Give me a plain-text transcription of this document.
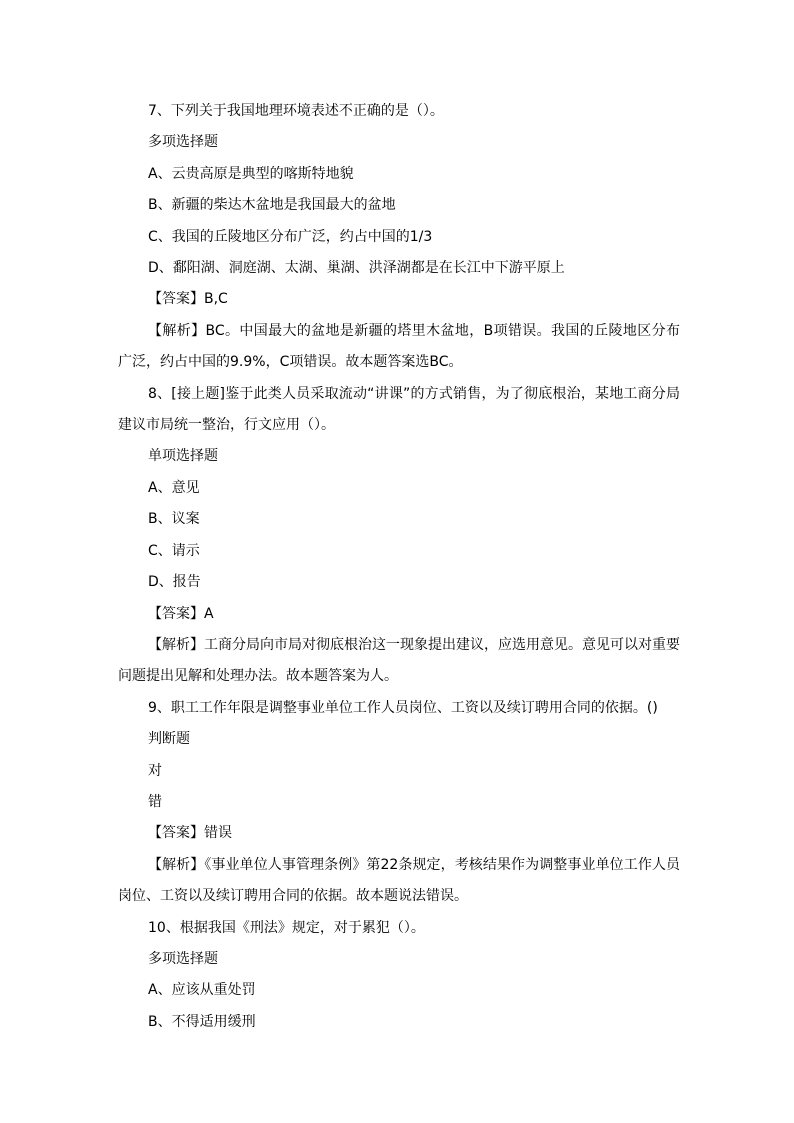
7、下列关于我国地理环境表述不正确的是（）。

多项选择题

A、云贵高原是典型的喀斯特地貌

B、新疆的柴达木盆地是我国最大的盆地

C、我国的丘陵地区分布广泛，约占中国的1/3

D、鄱阳湖、洞庭湖、太湖、巢湖、洪泽湖都是在长江中下游平原上

【答案】B,C

【解析】BC。中国最大的盆地是新疆的塔里木盆地，B项错误。我国的丘陵地区分布广泛，约占中国的9.9%，C项错误。故本题答案选BC。

8、[接上题]鉴于此类人员采取流动“讲课”的方式销售，为了彻底根治，某地工商分局建议市局统一整治，行文应用（）。

单项选择题

A、意见

B、议案

C、请示

D、报告

【答案】A

【解析】工商分局向市局对彻底根治这一现象提出建议，应选用意见。意见可以对重要问题提出见解和处理办法。故本题答案为人。

9、职工工作年限是调整事业单位工作人员岗位、工资以及续订聘用合同的依据。()

判断题

对

错

【答案】错误

【解析】《事业单位人事管理条例》第22条规定，考核结果作为调整事业单位工作人员岗位、工资以及续订聘用合同的依据。故本题说法错误。

10、根据我国《刑法》规定，对于累犯（）。

多项选择题

A、应该从重处罚

B、不得适用缓刑
